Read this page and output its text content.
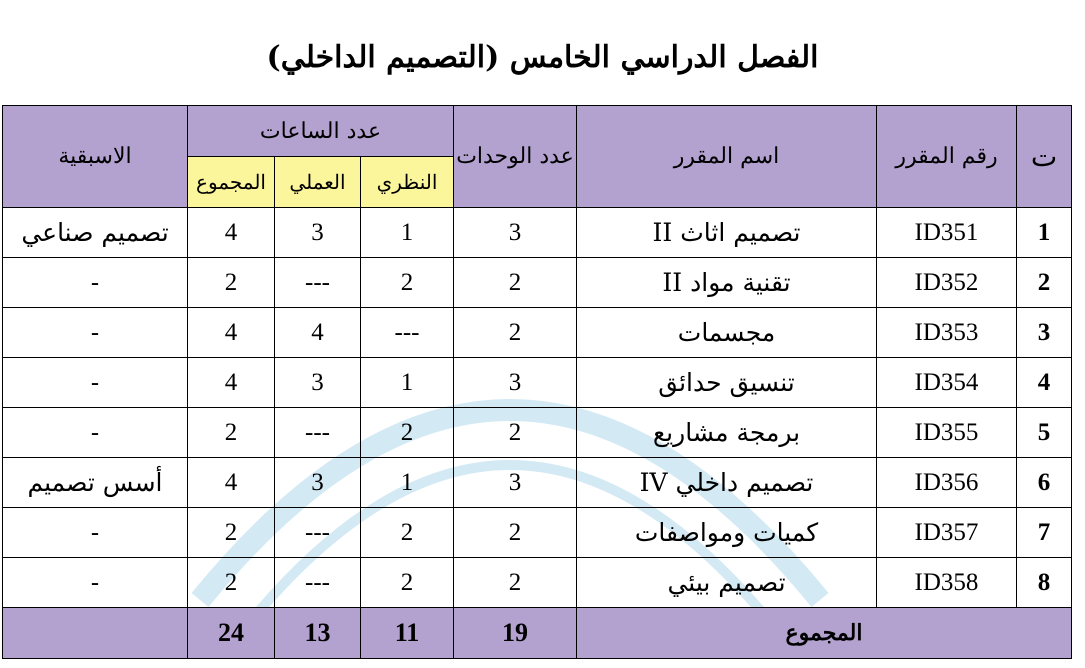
الفصل الدراسي الخامس (التصميم الداخلي)
ت	رقم المقرر	اسم المقرر	عدد الوحدات	عدد الساعات			الاسبقية
				النظري	العملي	المجموع	
1	ID351	تصميم اثاث II	3	1	3	4	تصميم صناعي
2	ID352	تقنية مواد II	2	2	---	2	-
3	ID353	مجسمات	2	---	4	4	-
4	ID354	تنسيق حدائق	3	1	3	4	-
5	ID355	برمجة مشاريع	2	2	---	2	-
6	ID356	تصميم داخلي IV	3	1	3	4	أسس تصميم
7	ID357	كميات ومواصفات	2	2	---	2	-
8	ID358	تصميم بيئي	2	2	---	2	-
المجموع			19	11	13	24	
